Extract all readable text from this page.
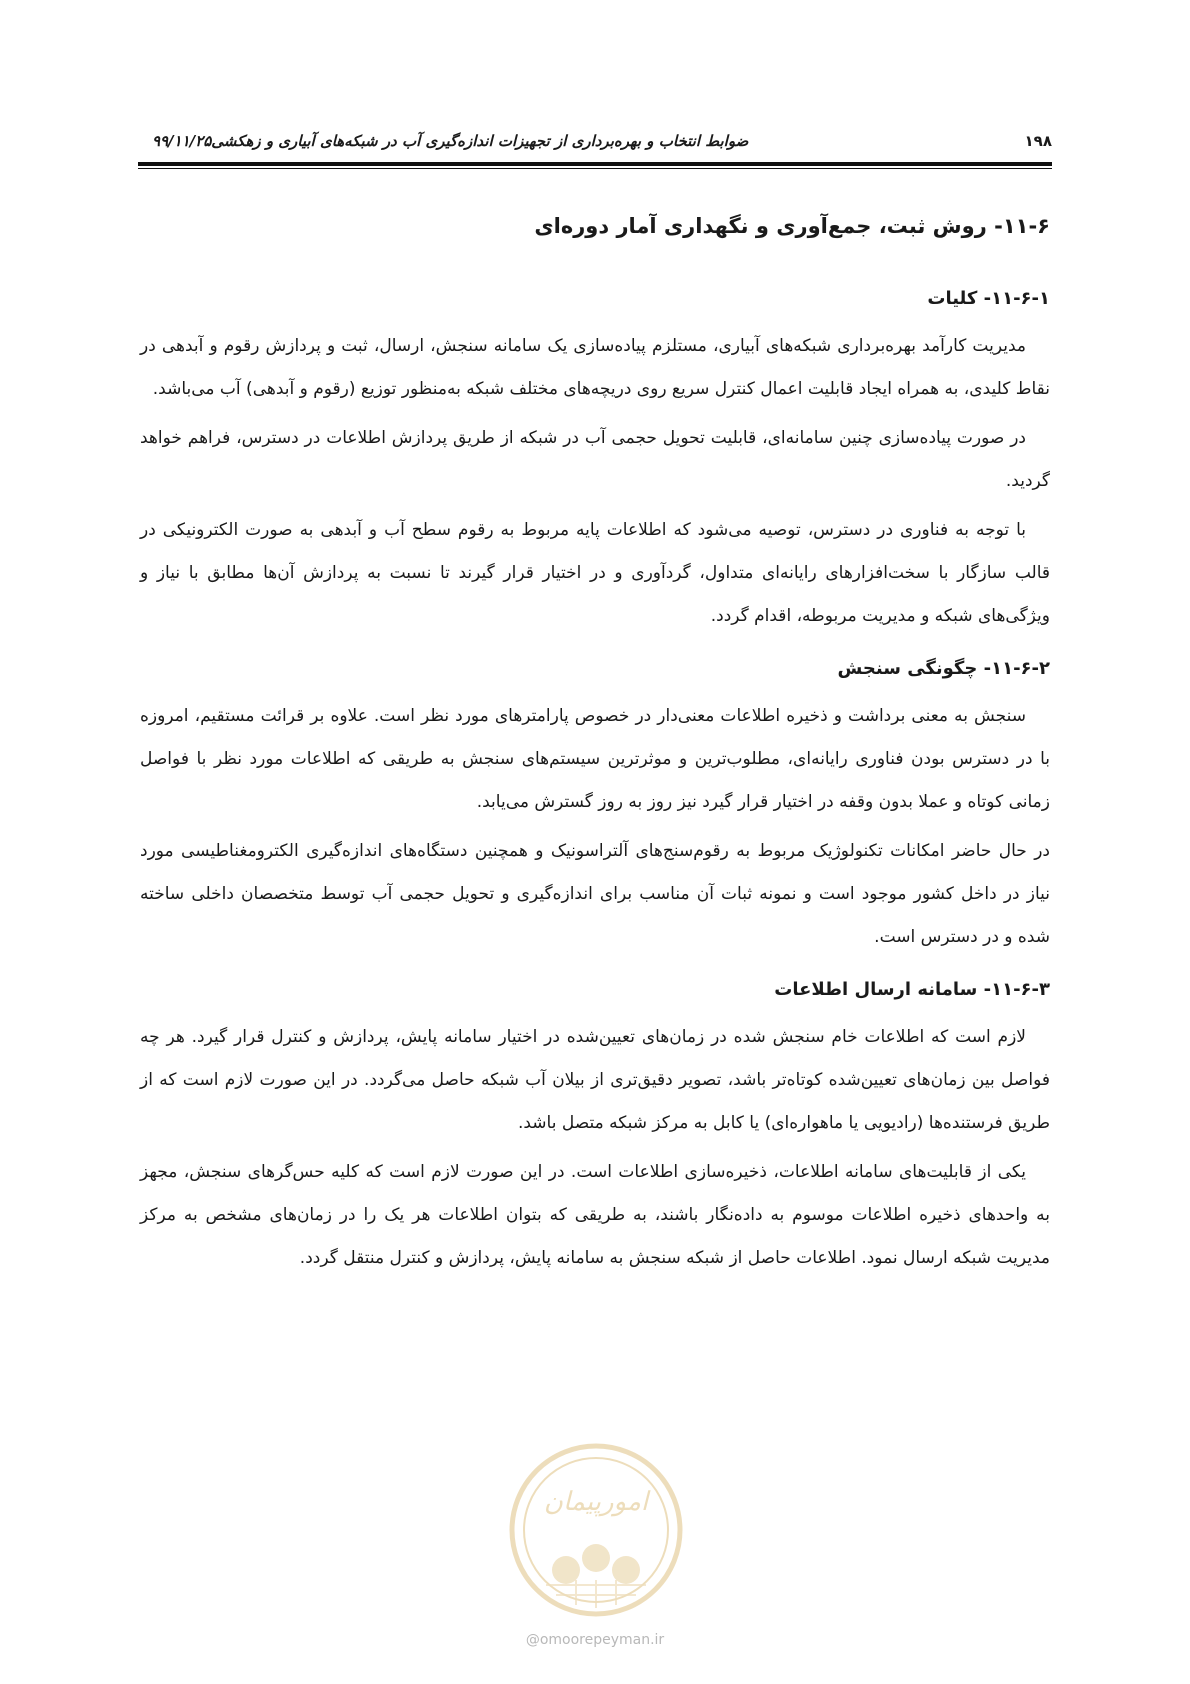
۱۹۸
ضوابط انتخاب و بهره‌برداری از تجهیزات اندازه‌گیری آب در شبکه‌های آبیاری و زهکشی
۹۹/۱۱/۲۵
۱۱-۶- روش ثبت، جمع‌آوری و نگهداری آمار دوره‌ای
۱۱-۶-۱- کلیات

مدیریت کارآمد بهره‌برداری شبکه‌های آبیاری، مستلزم پیاده‌سازی یک سامانه سنجش، ارسال، ثبت و پردازش رقوم و آبدهی در نقاط کلیدی، به همراه ایجاد قابلیت اعمال کنترل سریع روی دریچه‌های مختلف شبکه به‌منظور توزیع (رقوم و آبدهی) آب می‌باشد.

در صورت پیاده‌سازی چنین سامانه‌ای، قابلیت تحویل حجمی آب در شبکه از طریق پردازش اطلاعات در دسترس، فراهم خواهد گردید.

با توجه به فناوری در دسترس، توصیه می‌شود که اطلاعات پایه مربوط به رقوم سطح آب و آبدهی به صورت الکترونیکی در قالب سازگار با سخت‌افزارهای رایانه‌ای متداول، گردآوری و در اختیار قرار گیرند تا نسبت به پردازش آن‌ها مطابق با نیاز و ویژگی‌های شبکه و مدیریت مربوطه، اقدام گردد.

۱۱-۶-۲- چگونگی سنجش

سنجش به معنی برداشت و ذخیره اطلاعات معنی‌دار در خصوص پارامترهای مورد نظر است. علاوه بر قرائت مستقیم، امروزه با در دسترس بودن فناوری رایانه‌ای، مطلوب‌ترین و موثرترین سیستم‌های سنجش به طریقی که اطلاعات مورد نظر با فواصل زمانی کوتاه و عملا بدون وقفه در اختیار قرار گیرد نیز روز به روز گسترش می‌یابد.

در حال حاضر امکانات تکنولوژیک مربوط به رقوم‌سنج‌های آلتراسونیک و همچنین دستگاه‌های اندازه‌گیری الکترومغناطیسی مورد نیاز در داخل کشور موجود است و نمونه ثبات آن مناسب برای اندازه‌گیری و تحویل حجمی آب توسط متخصصان داخلی ساخته شده و در دسترس است.

۱۱-۶-۳- سامانه ارسال اطلاعات

لازم است که اطلاعات خام سنجش شده در زمان‌های تعیین‌شده در اختیار سامانه پایش، پردازش و کنترل قرار گیرد. هر چه فواصل بین زمان‌های تعیین‌شده کوتاه‌تر باشد، تصویر دقیق‌تری از بیلان آب شبکه حاصل می‌گردد. در این صورت لازم است که از طریق فرستنده‌ها (رادیویی یا ماهواره‌ای) یا کابل به مرکز شبکه متصل باشد.

یکی از قابلیت‌های سامانه اطلاعات، ذخیره‌سازی اطلاعات است. در این صورت لازم است که کلیه حس‌گرهای سنجش، مجهز به واحدهای ذخیره اطلاعات موسوم به داده‌نگار باشند، به طریقی که بتوان اطلاعات هر یک را در زمان‌های مشخص به مرکز مدیریت شبکه ارسال نمود. اطلاعات حاصل از شبکه سنجش به سامانه پایش، پردازش و کنترل منتقل گردد.

امورپیمان
@omoorepeyman.ir
